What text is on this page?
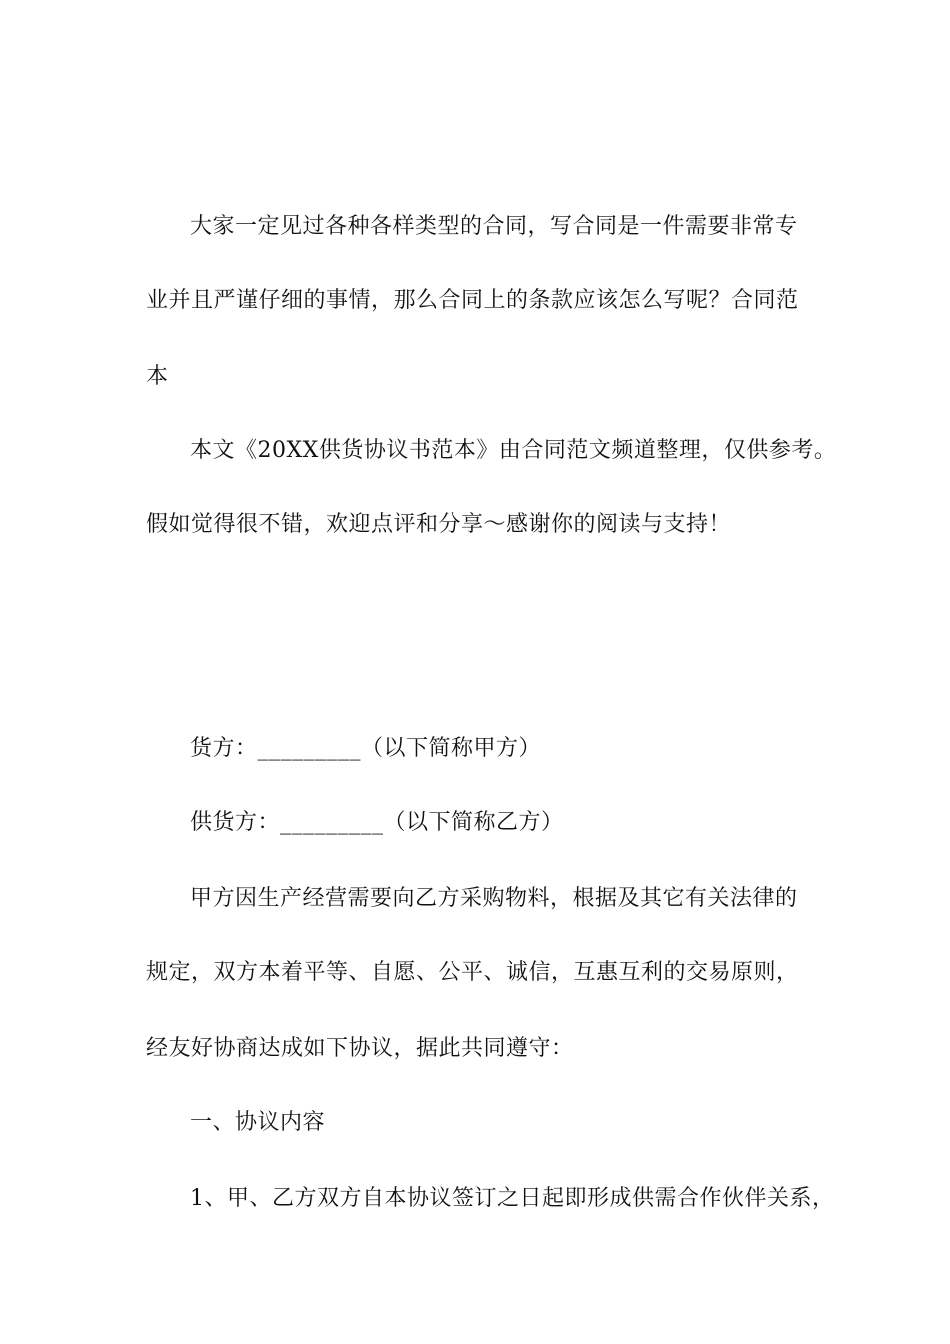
大家一定见过各种各样类型的合同，写合同是一件需要非常专
业并且严谨仔细的事情，那么合同上的条款应该怎么写呢？合同范
本
本文《20XX供货协议书范本》由合同范文频道整理，仅供参考。
假如觉得很不错，欢迎点评和分享～感谢你的阅读与支持！
货方：_________（以下简称甲方）
供货方：_________（以下简称乙方）
甲方因生产经营需要向乙方采购物料，根据及其它有关法律的
规定，双方本着平等、自愿、公平、诚信，互惠互利的交易原则，
经友好协商达成如下协议，据此共同遵守：
一、协议内容
1、甲、乙方双方自本协议签订之日起即形成供需合作伙伴关系，
